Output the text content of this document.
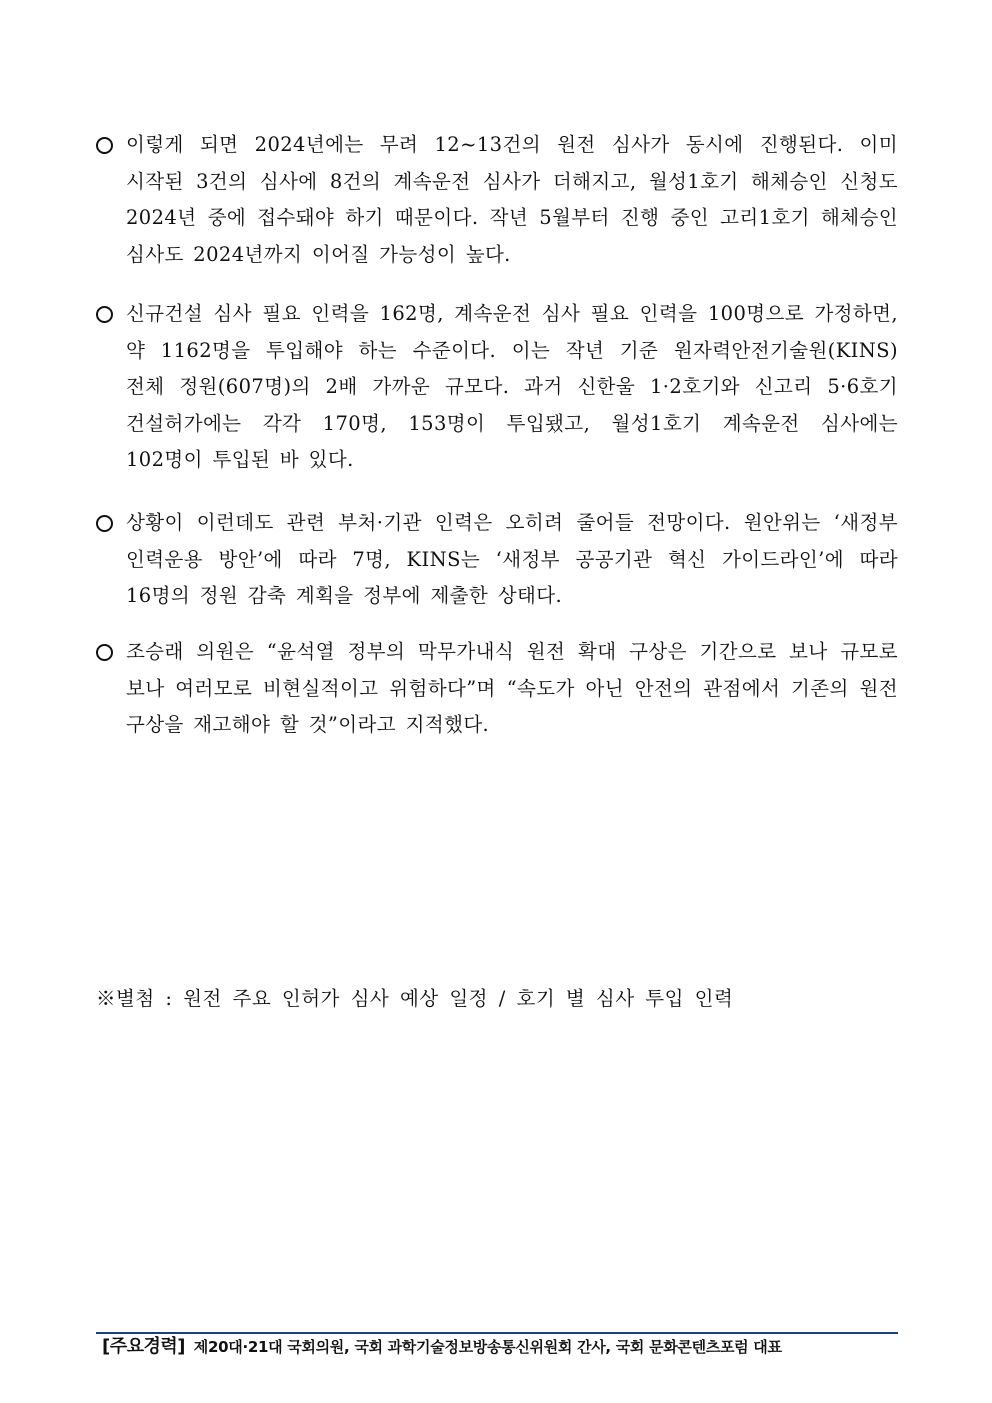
이렇게 되면 2024년에는 무려 12~13건의 원전 심사가 동시에 진행된다. 이미 시작된 3건의 심사에 8건의 계속운전 심사가 더해지고, 월성1호기 해체승인 신청도 2024년 중에 접수돼야 하기 때문이다. 작년 5월부터 진행 중인 고리1호기 해체승인 심사도 2024년까지 이어질 가능성이 높다.
신규건설 심사 필요 인력을 162명, 계속운전 심사 필요 인력을 100명으로 가정하면, 약 1162명을 투입해야 하는 수준이다. 이는 작년 기준 원자력안전기술원(KINS) 전체 정원(607명)의 2배 가까운 규모다. 과거 신한울 1·2호기와 신고리 5·6호기 건설허가에는 각각 170명, 153명이 투입됐고, 월성1호기 계속운전 심사에는 102명이 투입된 바 있다.
상황이 이런데도 관련 부처·기관 인력은 오히려 줄어들 전망이다. 원안위는 ‘새정부 인력운용 방안’에 따라 7명, KINS는 ‘새정부 공공기관 혁신 가이드라인’에 따라 16명의 정원 감축 계획을 정부에 제출한 상태다.
조승래 의원은 “윤석열 정부의 막무가내식 원전 확대 구상은 기간으로 보나 규모로 보나 여러모로 비현실적이고 위험하다”며 “속도가 아닌 안전의 관점에서 기존의 원전 구상을 재고해야 할 것”이라고 지적했다.
※별첨 : 원전 주요 인허가 심사 예상 일정 / 호기 별 심사 투입 인력
[주요경력] 제20대·21대 국회의원, 국회 과학기술정보방송통신위원회 간사, 국회 문화콘텐츠포럼 대표
